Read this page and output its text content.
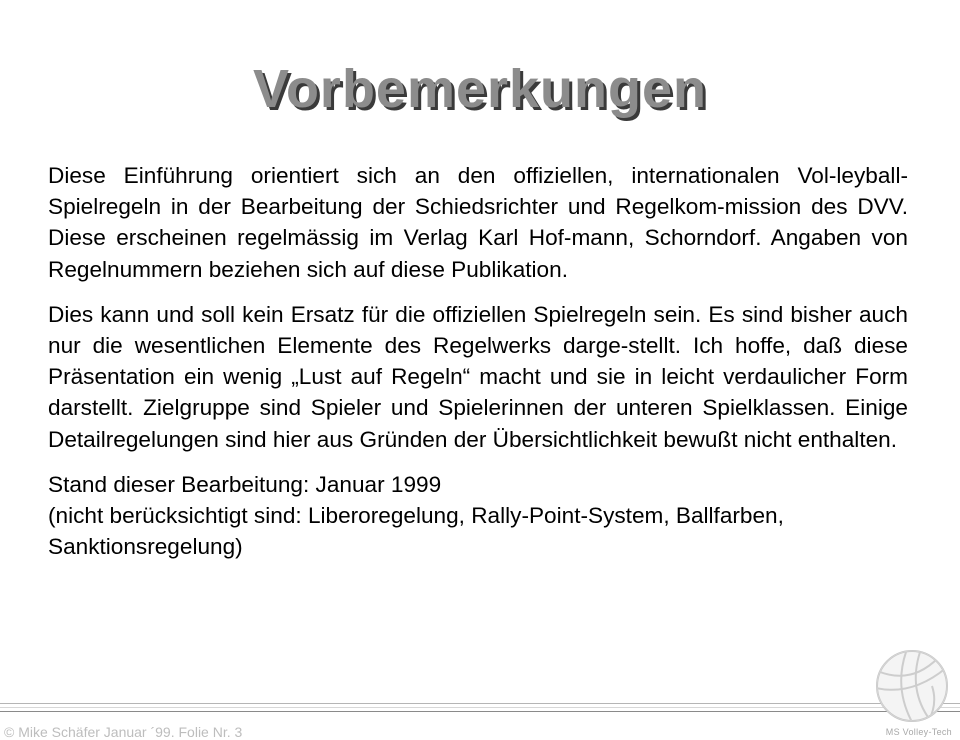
Vorbemerkungen

Diese Einführung orientiert sich an den offiziellen, internationalen Vol-leyball-Spielregeln in der Bearbeitung der Schiedsrichter und Regelkom-mission des DVV. Diese erscheinen regelmässig im Verlag Karl Hof-mann, Schorndorf. Angaben von Regelnummern beziehen sich auf diese Publikation.

Dies kann und soll kein Ersatz für die offiziellen Spielregeln sein. Es sind bisher auch nur die wesentlichen Elemente des Regelwerks darge-stellt. Ich hoffe, daß diese Präsentation ein wenig „Lust auf Regeln“ macht und sie in leicht verdaulicher Form darstellt. Zielgruppe sind Spieler und Spielerinnen der unteren Spielklassen. Einige Detailregelungen sind hier aus Gründen der Übersichtlichkeit bewußt nicht enthalten.

Stand dieser Bearbeitung: Januar 1999
(nicht berücksichtigt sind: Liberoregelung, Rally-Point-System, Ballfarben, Sanktionsregelung)

© Mike Schäfer Januar ´99. Folie Nr. 3	MS Volley-Tech
